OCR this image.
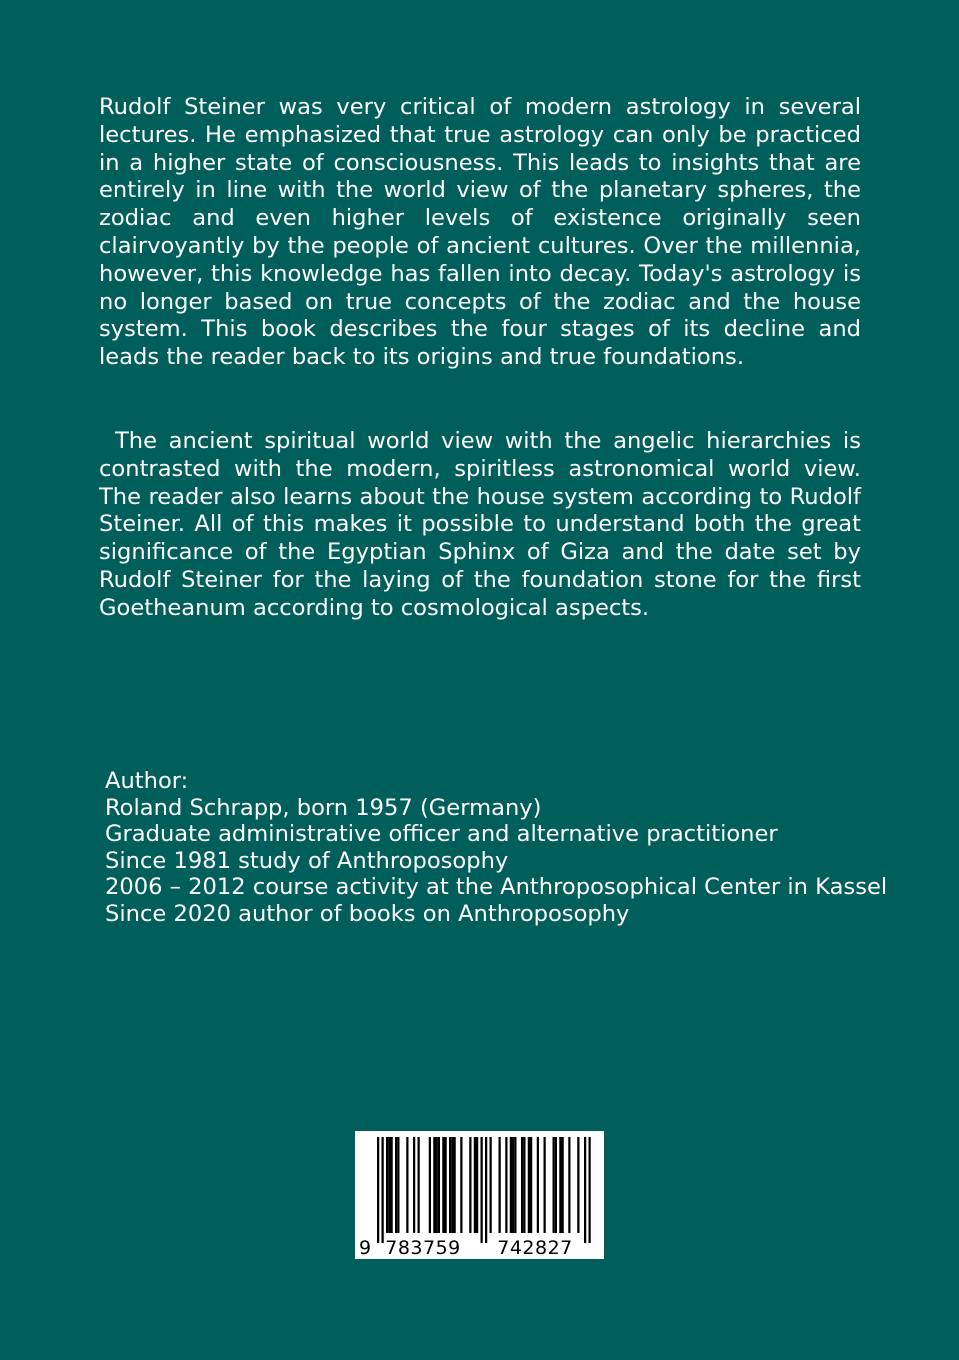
Rudolf Steiner was very critical of modern astrology in several lectures. He emphasized that true astrology can only be practiced in a higher state of consciousness. This leads to insights that are entirely in line with the world view of the planetary spheres, the zodiac and even higher levels of existence originally seen clairvoyantly by the people of ancient cultures. Over the millennia, however, this knowledge has fallen into decay. Today's astrology is no longer based on true concepts of the zodiac and the house system. This book describes the four stages of its decline and leads the reader back to its origins and true foundations.

The ancient spiritual world view with the angelic hierarchies is contrasted with the modern, spiritless astronomical world view. The reader also learns about the house system according to Rudolf Steiner. All of this makes it possible to understand both the great significance of the Egyptian Sphinx of Giza and the date set by Rudolf Steiner for the laying of the foundation stone for the first Goetheanum according to cosmological aspects.

Author:
Roland Schrapp, born 1957 (Germany)
Graduate administrative officer and alternative practitioner
Since 1981 study of Anthroposophy
2006 – 2012 course activity at the Anthroposophical Center in Kassel
Since 2020 author of books on Anthroposophy
9 783759 742827
